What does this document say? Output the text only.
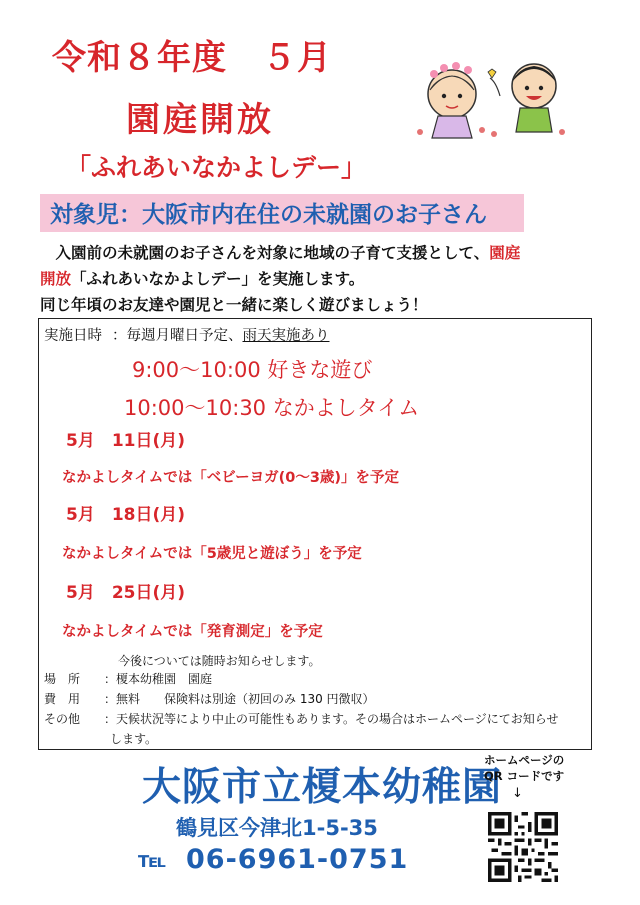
令和８年度　５月
園庭開放
「ふれあいなかよしデー」
対象児：大阪市内在住の未就園のお子さん
　入園前の未就園のお子さんを対象に地域の子育て支援として、園庭
開放「ふれあいなかよしデー」を実施します。
同じ年頃のお友達や園児と一緒に楽しく遊びましょう！
実施日時 ：毎週月曜日予定、雨天実施あり
9:00～10:00 好きな遊び
10:00～10:30 なかよしタイム
5月　11日(月)
なかよしタイムでは「ベビーヨガ(0～3歳)」を予定
5月　18日(月)
なかよしタイムでは「5歳児と遊ぼう」を予定
5月　25日(月)
なかよしタイムでは「発育測定」を予定
今後については随時お知らせします。
場　所 ：榎本幼稚園　園庭
費　用 ：無料　　保険料は別途（初回のみ 130 円徴収）
その他 ：天候状況等により中止の可能性もあります。その場合はホームページにてお知らせ
します。
大阪市立榎本幼稚園
鶴見区今津北1-5-35
℡ 06-6961-0751
ホームページの
QR コードです
↓
